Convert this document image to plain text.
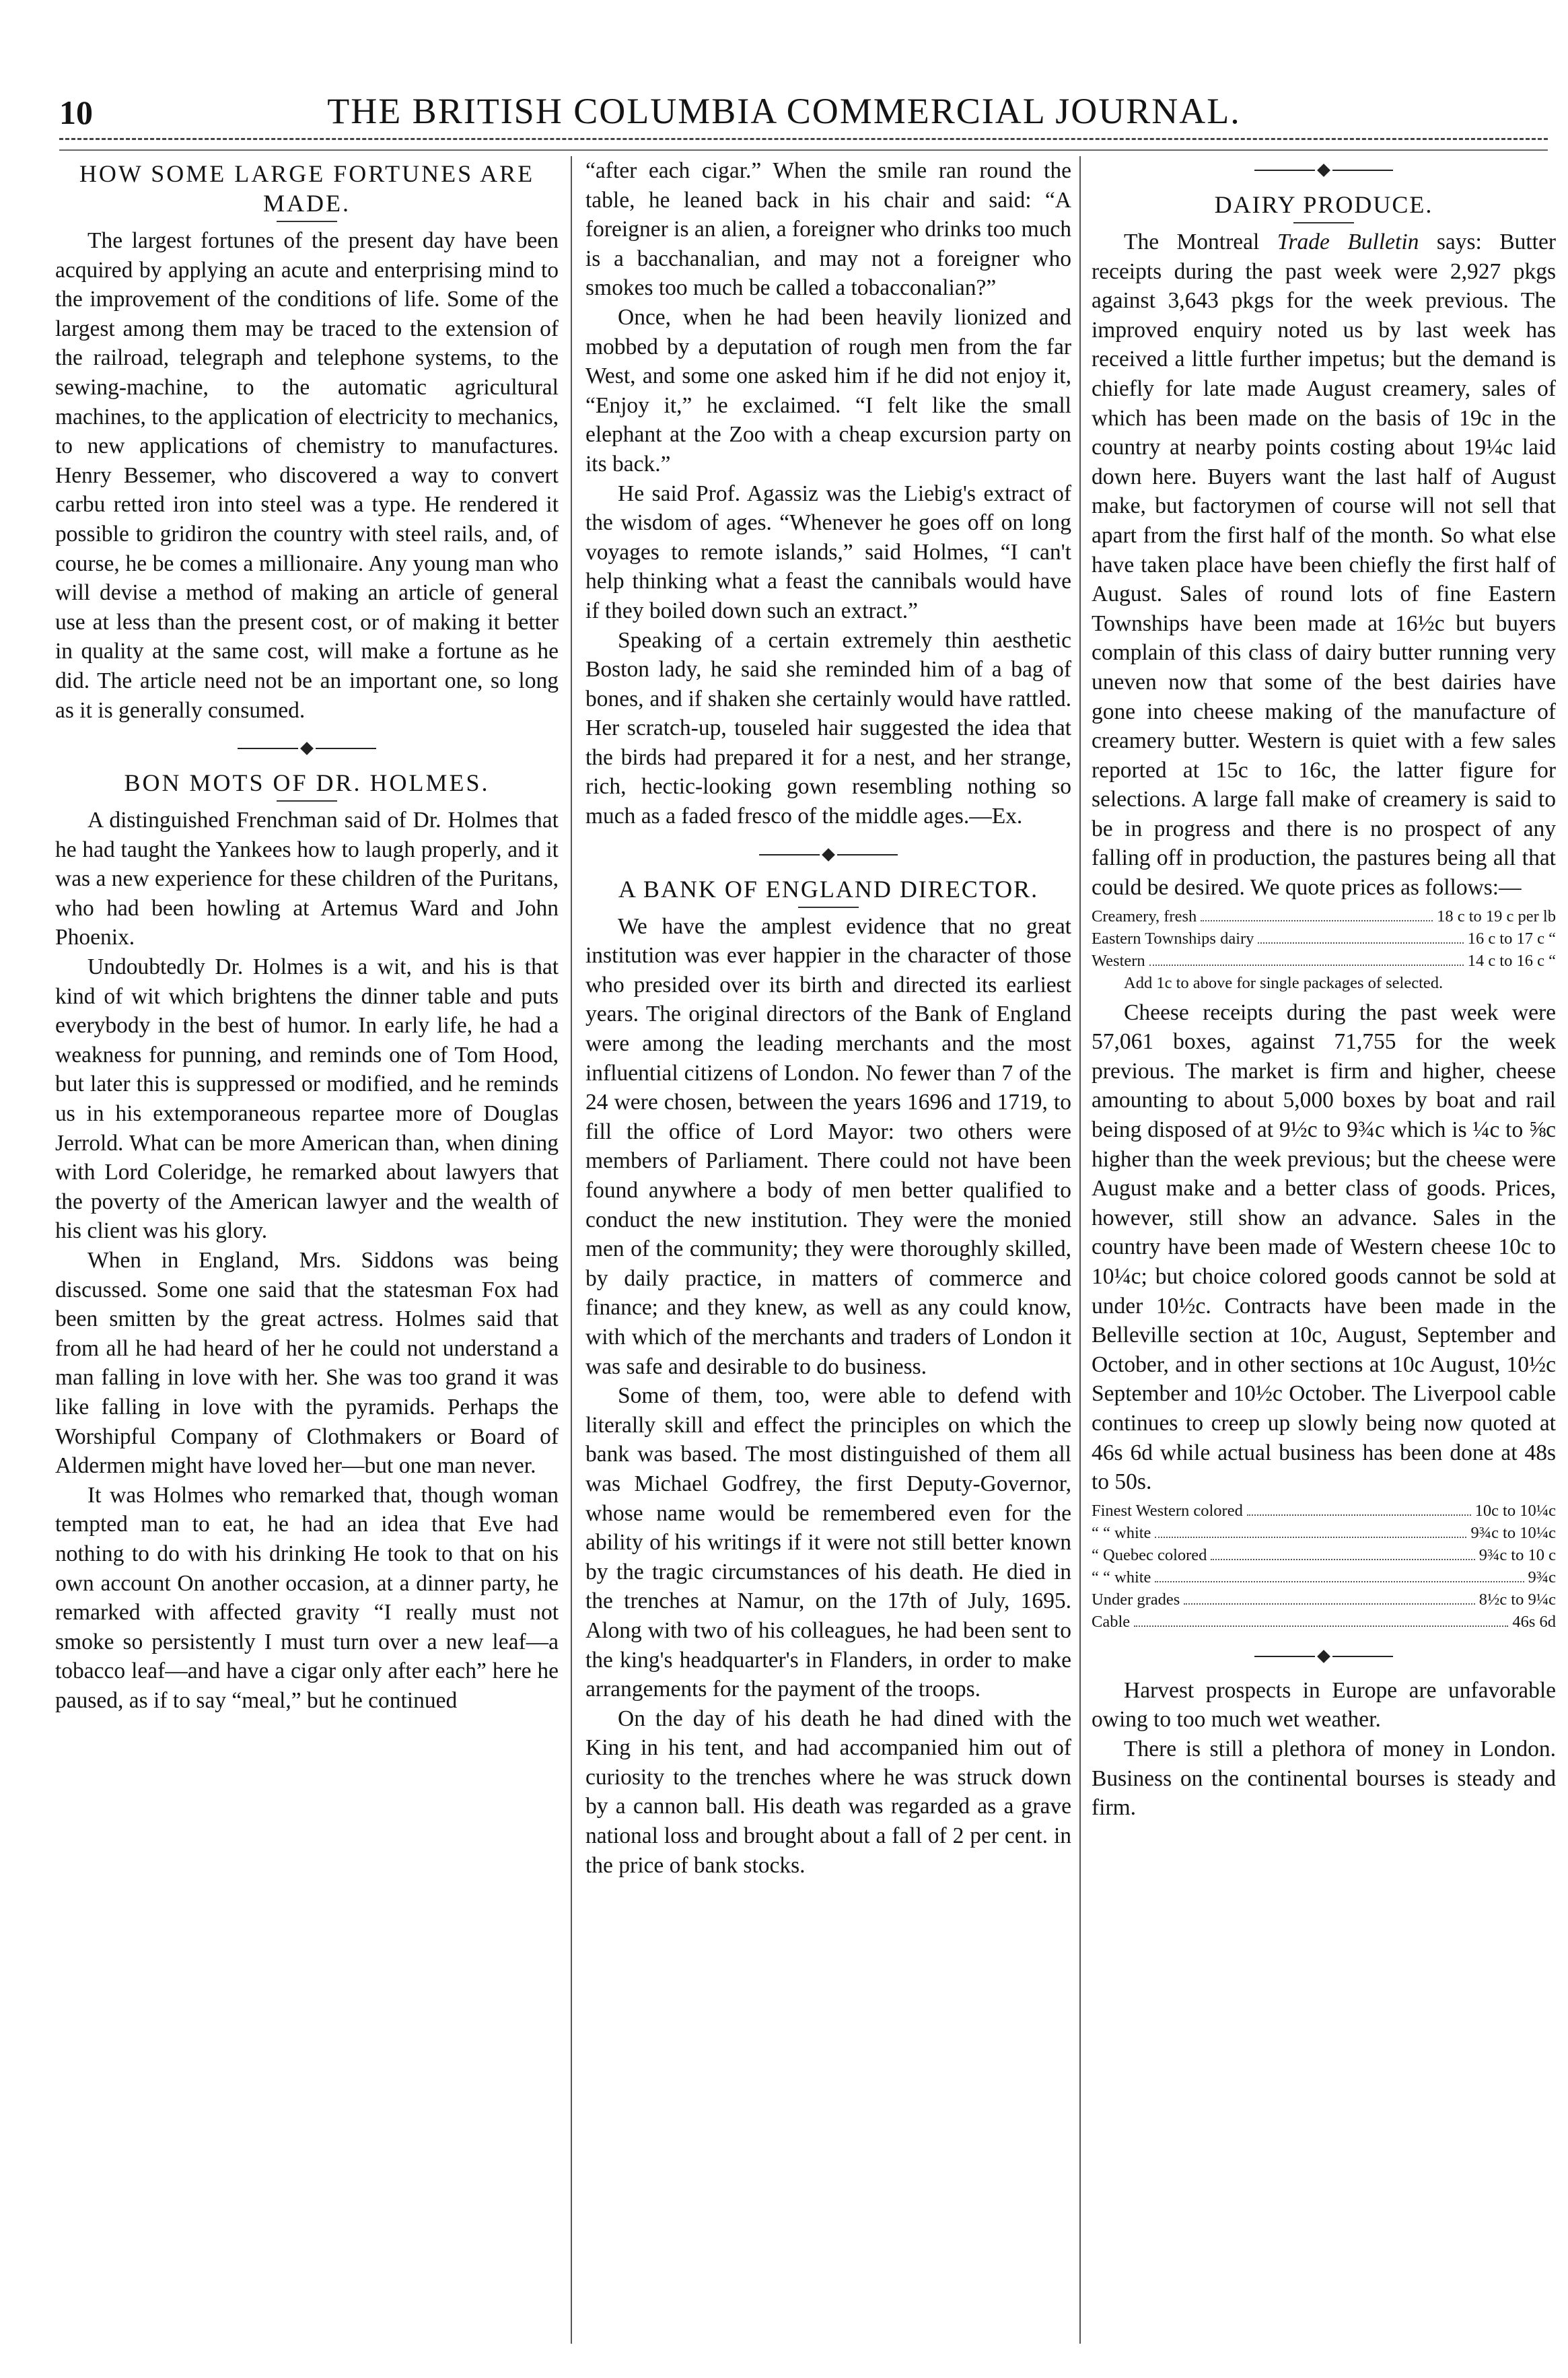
10	THE BRITISH COLUMBIA COMMERCIAL JOURNAL.
HOW SOME LARGE FORTUNES ARE MADE.

The largest fortunes of the present day have been acquired by applying an acute and enterprising mind to the improvement of the conditions of life. Some of the largest among them may be traced to the extension of the railroad, telegraph and telephone systems, to the sewing-machine, to the automatic agricultural machines, to the application of electricity to mechanics, to new applications of chemistry to manufactures. Henry Bessemer, who discovered a way to convert carbu retted iron into steel was a type. He rendered it possible to gridiron the country with steel rails, and, of course, he be comes a millionaire. Any young man who will devise a method of making an article of general use at less than the present cost, or of making it better in quality at the same cost, will make a fortune as he did. The article need not be an important one, so long as it is generally consumed.

BON MOTS OF DR. HOLMES.

A distinguished Frenchman said of Dr. Holmes that he had taught the Yankees how to laugh properly, and it was a new experience for these children of the Puritans, who had been howling at Artemus Ward and John Phoenix.

Undoubtedly Dr. Holmes is a wit, and his is that kind of wit which brightens the dinner table and puts everybody in the best of humor. In early life, he had a weakness for punning, and reminds one of Tom Hood, but later this is suppressed or modified, and he reminds us in his extemporaneous repartee more of Douglas Jerrold. What can be more American than, when dining with Lord Coleridge, he remarked about lawyers that the poverty of the American lawyer and the wealth of his client was his glory.

When in England, Mrs. Siddons was being discussed. Some one said that the statesman Fox had been smitten by the great actress. Holmes said that from all he had heard of her he could not understand a man falling in love with her. She was too grand it was like falling in love with the pyramids. Perhaps the Worshipful Company of Clothmakers or Board of Aldermen might have loved her—but one man never.

It was Holmes who remarked that, though woman tempted man to eat, he had an idea that Eve had nothing to do with his drinking He took to that on his own account On another occasion, at a dinner party, he remarked with affected gravity “I really must not smoke so persistently I must turn over a new leaf—a tobacco leaf—and have a cigar only after each” here he paused, as if to say “meal,” but he continued

“after each cigar.” When the smile ran round the table, he leaned back in his chair and said: “A foreigner is an alien, a foreigner who drinks too much is a bacchanalian, and may not a foreigner who smokes too much be called a tobacconalian?”

Once, when he had been heavily lionized and mobbed by a deputation of rough men from the far West, and some one asked him if he did not enjoy it, “Enjoy it,” he exclaimed. “I felt like the small elephant at the Zoo with a cheap excursion party on its back.”

He said Prof. Agassiz was the Liebig's extract of the wisdom of ages. “Whenever he goes off on long voyages to remote islands,” said Holmes, “I can't help thinking what a feast the cannibals would have if they boiled down such an extract.”

Speaking of a certain extremely thin aesthetic Boston lady, he said she reminded him of a bag of bones, and if shaken she certainly would have rattled. Her scratch-up, touseled hair suggested the idea that the birds had prepared it for a nest, and her strange, rich, hectic-looking gown resembling nothing so much as a faded fresco of the middle ages.—Ex.

A BANK OF ENGLAND DIRECTOR.

We have the amplest evidence that no great institution was ever happier in the character of those who presided over its birth and directed its earliest years. The original directors of the Bank of England were among the leading merchants and the most influential citizens of London. No fewer than 7 of the 24 were chosen, between the years 1696 and 1719, to fill the office of Lord Mayor: two others were members of Parliament. There could not have been found anywhere a body of men better qualified to conduct the new institution. They were the monied men of the community; they were thoroughly skilled, by daily practice, in matters of commerce and finance; and they knew, as well as any could know, with which of the merchants and traders of London it was safe and desirable to do business.

Some of them, too, were able to defend with literally skill and effect the principles on which the bank was based. The most distinguished of them all was Michael Godfrey, the first Deputy-Governor, whose name would be remembered even for the ability of his writings if it were not still better known by the tragic circumstances of his death. He died in the trenches at Namur, on the 17th of July, 1695. Along with two of his colleagues, he had been sent to the king's headquarter's in Flanders, in order to make arrangements for the payment of the troops.

On the day of his death he had dined with the King in his tent, and had accompanied him out of curiosity to the trenches where he was struck down by a cannon ball. His death was regarded as a grave national loss and brought about a fall of 2 per cent. in the price of bank stocks.

DAIRY PRODUCE.

The Montreal Trade Bulletin says: Butter receipts during the past week were 2,927 pkgs against 3,643 pkgs for the week previous. The improved enquiry noted us by last week has received a little further impetus; but the demand is chiefly for late made August creamery, sales of which has been made on the basis of 19c in the country at nearby points costing about 19¼c laid down here. Buyers want the last half of August make, but factorymen of course will not sell that apart from the first half of the month. So what else have taken place have been chiefly the first half of August. Sales of round lots of fine Eastern Townships have been made at 16½c but buyers complain of this class of dairy butter running very uneven now that some of the best dairies have gone into cheese making of the manufacture of creamery butter. Western is quiet with a few sales reported at 15c to 16c, the latter figure for selections. A large fall make of creamery is said to be in progress and there is no prospect of any falling off in production, the pastures being all that could be desired. We quote prices as follows:—

Creamery, fresh	18 c to 19 c per lb
Eastern Townships dairy	16 c to 17 c “
Western	14 c to 16 c “
Add 1c to above for single packages of selected.

Cheese receipts during the past week were 57,061 boxes, against 71,755 for the week previous. The market is firm and higher, cheese amounting to about 5,000 boxes by boat and rail being disposed of at 9½c to 9¾c which is ¼c to ⅝c higher than the week previous; but the cheese were August make and a better class of goods. Prices, however, still show an advance. Sales in the country have been made of Western cheese 10c to 10¼c; but choice colored goods cannot be sold at under 10½c. Contracts have been made in the Belleville section at 10c, August, September and October, and in other sections at 10c August, 10½c September and 10½c October. The Liverpool cable continues to creep up slowly being now quoted at 46s 6d while actual business has been done at 48s to 50s.

Finest Western colored	10c to 10¼c
“ “ white	9¾c to 10¼c
“ Quebec colored	9¾c to 10 c
“ “ white	9¾c
Under grades	8½c to 9¼c
Cable	46s 6d

Harvest prospects in Europe are unfavorable owing to too much wet weather.

There is still a plethora of money in London. Business on the continental bourses is steady and firm.
